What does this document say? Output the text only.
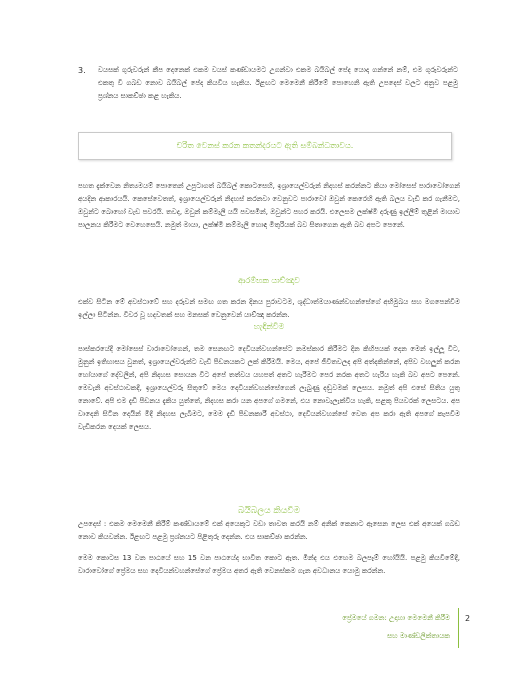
3.	වයසක් ගුරුවරුන් කීප දෙනෙක් එකම වයස් කණ්ඩායමට උගන්වා එකම බයිබල් පේද යොදා ගන්නේ නම්, එම ගුරුවරුන්ට එකතු වී ගබඩ නොව බයිබල් පේද කියවිය හැකිය. ඊළඟට මෙමෙනී කිරීමේ පොහෙනි ඇති උපදෙස් වලට අනුව පළමු ප්‍රශ්නය සාකච්ඡා කළ හැකිය.

චරිත වෙනස් කරන කතන්දරයට ඇති සම්බන්ධතාවය.

පහත දැක්වෙන නිත්‍යමයම් පොතෙන් උපුටාගත් බයිබල් කොටසෙහි, ඉශ්‍රායෙල්වරුන් නිදහස් කරන්නට කියා මෝසෙස් පාරාවෝගෙන් අයදින ආකාරයයි. කෙසේවෙතත්, ඉශ්‍රායෙල්වරුන් නිදහස් කරනවා වෙනුවට පාරාවෝ ඔවුන් කෙරෙහි ඇති බලය වැඩි කර ගැනීමට, ඔවුන්ට බොහෝ වැඩ පවරයි. තවද, ඔවුන් කම්මැලි යයි පවසමින්, ඔවුන්ට පහර කරයි. එලෙසම ලක්ෂ්මි දරුණු ඉල්ලීම් තුළින් මායාව පාලනය කිරීමට වෙහෙසෙයි. නමුත් මායා, ලක්ෂ්මි කම්මැලි හොඳ මිතුරියක් බව සිතාගෙන ඇති බව අපට පෙනේ.

ආරම්භක යාච්ඤාව

එක්ව සිටින මේ අවස්ථාවේ සහ දරුවන් සමඟ ගත කරන දිනය පුරාවටම, ශුද්ධාත්මයාණන්වහන්සේගේ අභිමුඛය සහ මගපෙන්වීම ඉල්ලා සිටින්න. විවර වූ හදවතක් සහ මනසක් වෙනුවෙන් යාච්ඤා කරන්න.

හැඳින්වීම

පාස්කරයේදී මෝසෙස් වාරාවෝගෙන්, තම සෙනඟට දෙවියන්වහන්සේට නමස්කාර කිරීමට දින කිහිපයක් දෙන මෙන් ඉල්ලූ විට, මුනුන් ඉතිහාසය වුනත්, ඉශ්‍රායෙල්වරුන්ට වැඩි පීඩනයකට ලක් කිරීමයි. මෙය, අපේ ජීවිතවලද අපි අත්දකින්නේ, අපිව වහලුන් කරන හෝයාගේ දේවලින්, අපි නිදහස සොයන විට අපේ තත්වය යහපත් අතට හැරීමට පෙර නරක අතට හැරිය හැකි බව අපට පෙනේ. මෙවැනි අවස්ථාවකදී, ඉශ්‍රායෙල්වරු සිතූවේ මෙය දෙවියන්වහන්සේගෙන් ලැබුණු දඬුවමක් ලෙසය. නමුත් අපි එසේ සිතිය යුතු නොවේ. අපි එම දැඩි පීඩනය දැකිය යුත්තේ, නිදහස කරා යන අපගේ ගමනේ, එය නොවැලැක්විය හැකි, සළකු පියවරක් ලෙසටය. අප වාදෙනි සිටින දෙයින් මිදී නිදහස ලැබීමට, මෙම දැඩි පීඩනකාරී අවස්ථා, දෙවියන්වහන්සේ වෙත අප කරා ඇති අපගේ කැපවීම වැඩිකරන දෙයක් ලෙසය.

බයිබලය කියවීම

උපදෙස් : එකම මෙමෙනී කිරීම් කණ්ඩායමේ එක් අයෙකුට වඩා තාවත කරයි නම් අනික් කෙනාට ඇසෙන ලෙස එක් අයෙක් ගබඩ නොව කියවන්න. ඊළඟට පළමු ප්‍රශ්නයට පිළිතුරු දෙන්න. එය සාකච්ඡා කරන්න.

මෙම කොටස 13 වන පාඨයේ සහ 15 වන පාඨයේද භාවිත කොට ඇත. මින්ද එය එහෙම බලපෑම් හෝයියි. පළමු කියවීමේදී, වාරාවෝගේ ප්‍රේමය සහ දෙවියන්වහන්සේගේ ප්‍රේමය අතර ඇති වෙනස්කම ගැන අවධානය යොමු කරන්න.

ප්‍රේමයේ ගමන: උදාහා මෙමෙනී කිරීම
සහ මාණ්ඩලික්තායක
2
